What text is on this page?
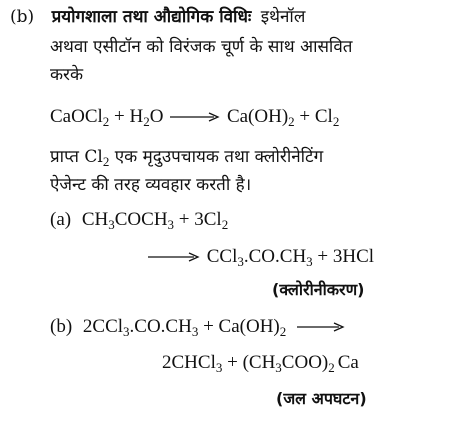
(b) प्रयोगशाला तथा औद्योगिक विधिः इथेनॉल
अथवा एसीटॉन को विरंजक चूर्ण के साथ आसवित
करके
CaOCl$_2$ + $H_2O \to Ca(OH)_2 + Cl_2$
प्राप्त $Cl_2$ एक मृदुउपचायक तथा क्लोरीनेटिंग
ऐजेन्ट की तरह व्यवहार करती है।
(a) $CH_3COCH_3 + 3Cl_2$
→ $CCl_3.CO.CH_3 + 3HCl$
(क्लोरीनीकरण)
(b) $2CCl_3.CO.CH_3 + Ca(OH)_2$ →
2CHCl$_3$ + $(CH_3COO)_2$ Ca
(जल अपघटन)
